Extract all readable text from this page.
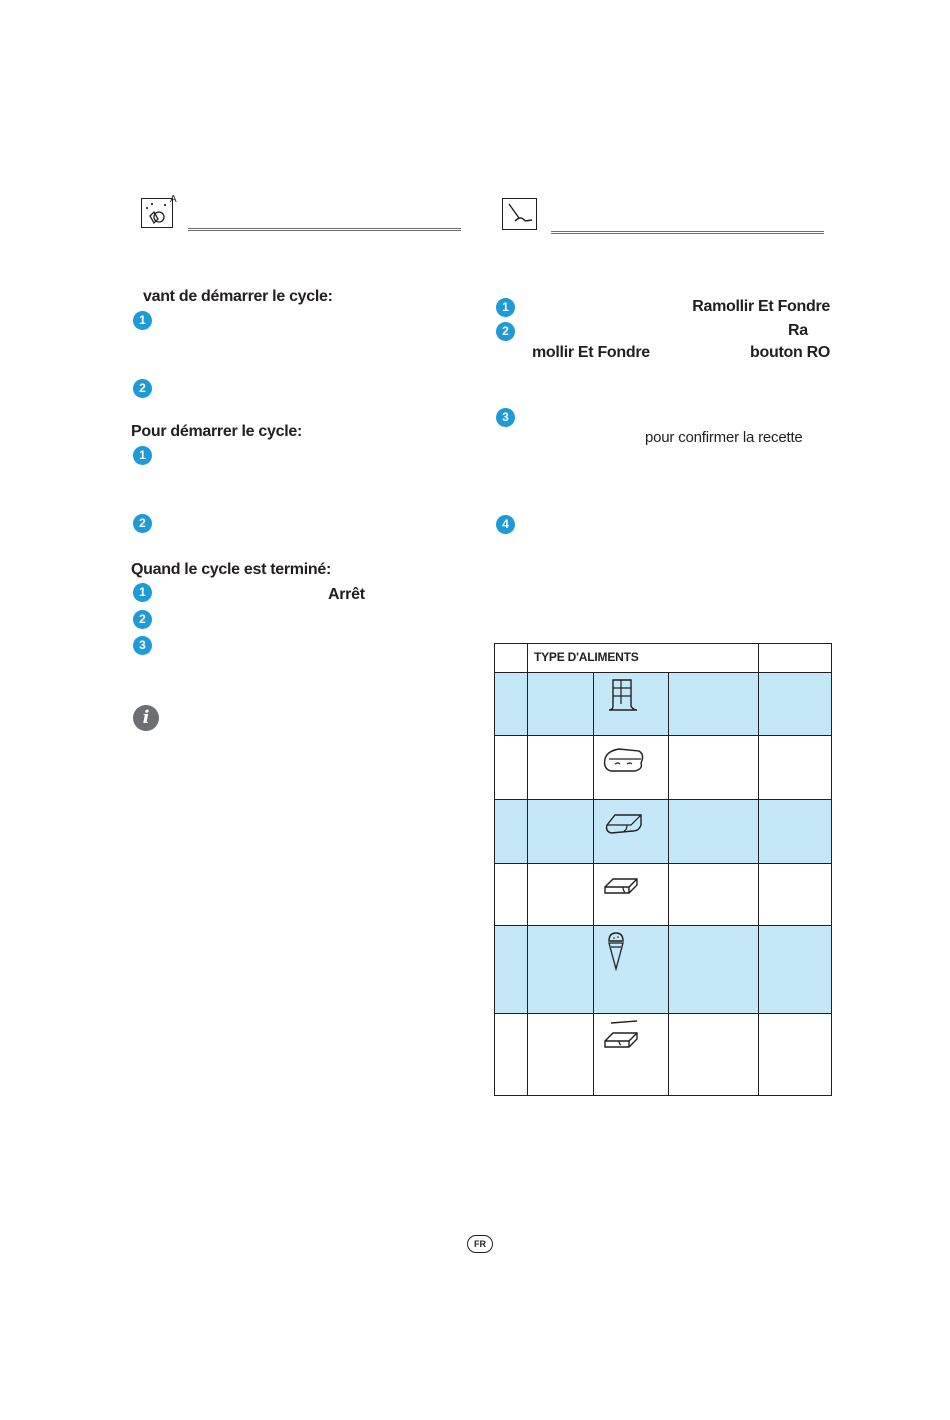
A
vant de démarrer le cycle:
1
2
Pour démarrer le cycle:
1
2
Quand le cycle est terminé:
1	Arrêt
2
3
i
1	Ramollir Et Fondre
2	Ra
mollir Et Fondre	bouton RO
3
pour confirmer la recette
4
	TYPE D'ALIMENTS			

FR
